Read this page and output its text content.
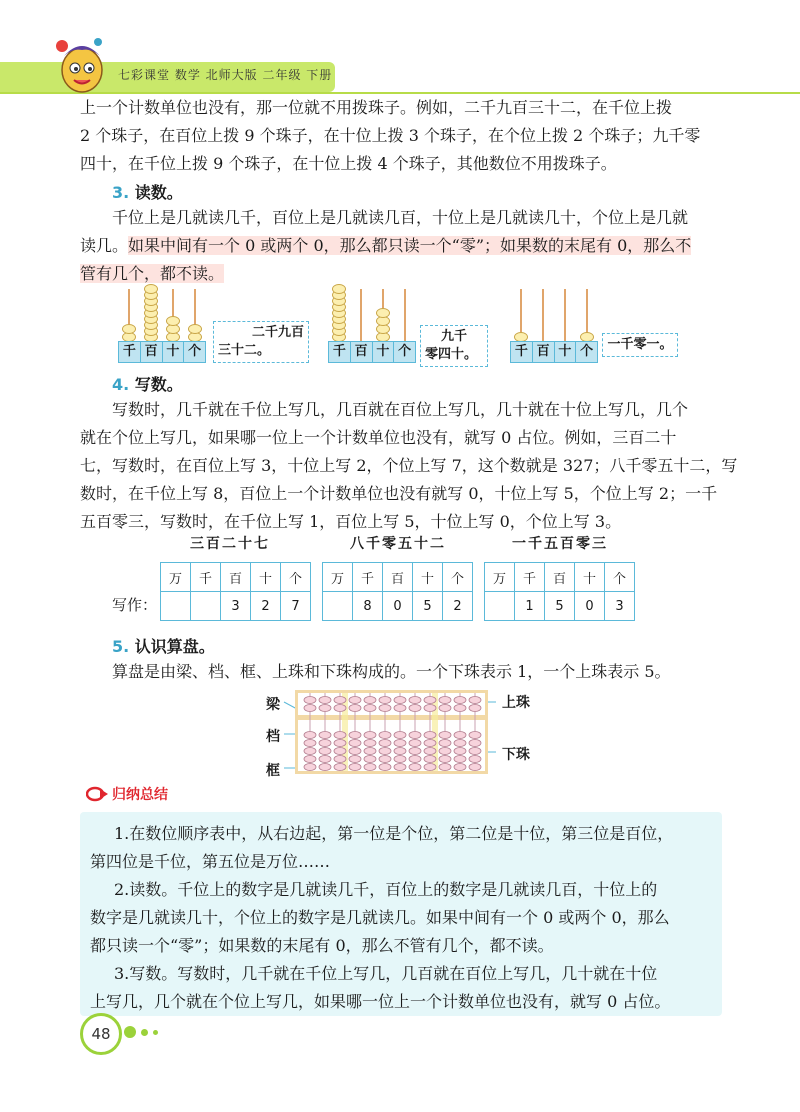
七彩课堂 数学 北师大版 二年级 下册

上一个计数单位也没有，那一位就不用拨珠子。例如，二千九百三十二，在千位上拨

2 个珠子，在百位上拨 9 个珠子，在十位上拨 3 个珠子，在个位上拨 2 个珠子；九千零

四十，在千位上拨 9 个珠子，在十位上拨 4 个珠子，其他数位不用拨珠子。

3. 读数。

千位上是几就读几千，百位上是几就读几百，十位上是几就读几十，个位上是几就

读几。如果中间有一个 0 或两个 0，那么都只读一个“零”；如果数的末尾有 0，那么不

管有几个，都不读。

千 百 十 个
二千九百
三十二。	千 百 十 个
九千
零四十。	千 百 十 个 一千零一。
4. 写数。

写数时，几千就在千位上写几，几百就在百位上写几，几十就在十位上写几，几个

就在个位上写几，如果哪一位上一个计数单位也没有，就写 0 占位。例如，三百二十

七，写数时，在百位上写 3，十位上写 2，个位上写 7，这个数就是 327；八千零五十二，写

数时，在千位上写 8，百位上一个计数单位也没有就写 0，十位上写 5，个位上写 2；一千

五百零三，写数时，在千位上写 1，百位上写 5，十位上写 0，个位上写 3。

三百二十七	八千零五十二	一千五百零三
写作：
万	千	百	十	个
		3	2	7
万	千	百	十	个
	8	0	5	2
万	千	百	十	个
	1	5	0	3
5. 认识算盘。

算盘是由梁、档、框、上珠和下珠构成的。一个下珠表示 1，一个上珠表示 5。

梁
档
框
上珠
下珠
归纳总结

1.在数位顺序表中，从右边起，第一位是个位，第二位是十位，第三位是百位，

第四位是千位，第五位是万位……

2.读数。千位上的数字是几就读几千，百位上的数字是几就读几百，十位上的

数字是几就读几十，个位上的数字是几就读几。如果中间有一个 0 或两个 0，那么

都只读一个“零”；如果数的末尾有 0，那么不管有几个，都不读。

3.写数。写数时，几千就在千位上写几，几百就在百位上写几，几十就在十位

上写几，几个就在个位上写几，如果哪一位上一个计数单位也没有，就写 0 占位。

48
